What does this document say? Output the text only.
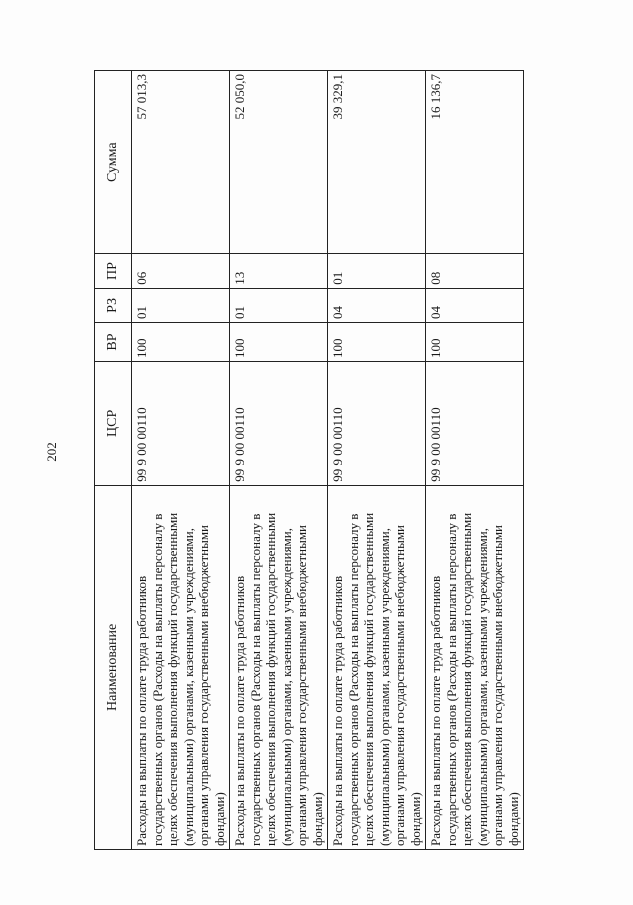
202
Наименование	ЦСР	ВР	РЗ	ПР	Сумма
Расходы на выплаты по оплате труда работников государственных органов (Расходы на выплаты персоналу в целях обеспечения выполнения функций государственными (муниципальными) органами, казенными учреждениями, органами управления государственными внебюджетными фондами)	99 9 00 00110	100	01	06	57 013,3
Расходы на выплаты по оплате труда работников государственных органов (Расходы на выплаты персоналу в целях обеспечения выполнения функций государственными (муниципальными) органами, казенными учреждениями, органами управления государственными внебюджетными фондами)	99 9 00 00110	100	01	13	52 050,0
Расходы на выплаты по оплате труда работников государственных органов (Расходы на выплаты персоналу в целях обеспечения выполнения функций государственными (муниципальными) органами, казенными учреждениями, органами управления государственными внебюджетными фондами)	99 9 00 00110	100	04	01	39 329,1
Расходы на выплаты по оплате труда работников государственных органов (Расходы на выплаты персоналу в целях обеспечения выполнения функций государственными (муниципальными) органами, казенными учреждениями, органами управления государственными внебюджетными фондами)	99 9 00 00110	100	04	08	16 136,7
